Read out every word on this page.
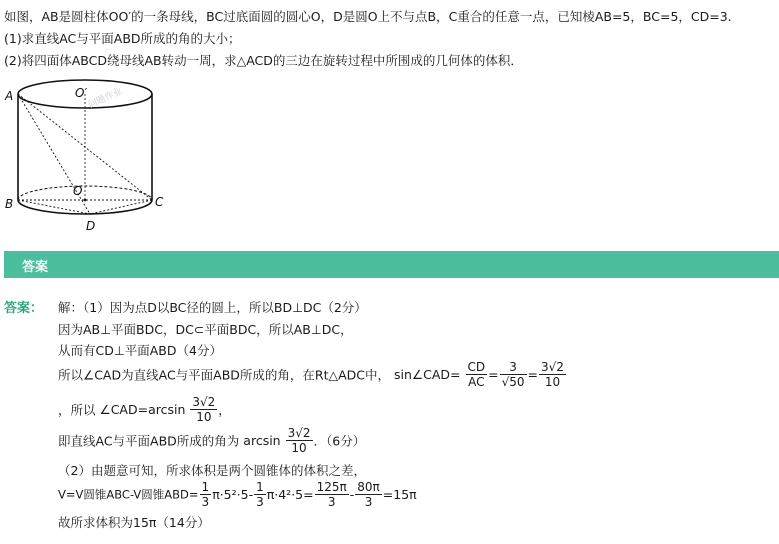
如图，AB是圆柱体OO′的一条母线，BC过底面圆的圆心O，D是圆O上不与点B，C重合的任意一点，已知棱AB=5，BC=5，CD=3.
(1)求直线AC与平面ABD所成的角的大小；
(2)将四面体ABCD绕母线AB转动一周，求△ACD的三边在旋转过程中所围成的几何体的体积．
A	O′
B
O
C
D
问题作业
答案
答案： 解：（1）因为点D以BC径的圆上，所以BD⊥DC（2分）
因为AB⊥平面BDC，DC⊂平面BDC，所以AB⊥DC，
从而有CD⊥平面ABD（4分）
所以∠CAD为直线AC与平面ABD所成的角，在Rt△ADC中， sin∠CAD= $\frac{CD}{AC} = \frac{3}{√50} = \frac{3√2}{10}$
，所以 ∠CAD=arcsin $\frac{3√2}{10}$ ，
即直线AC与平面ABD所成的角为 $\arcsin \frac{3√2}{10}$ ．（6分）
（2）由题意可知，所求体积是两个圆锥体的体积之差，
V=V圆锥ABC-V圆锥$ABD= \frac{1}{3} \pi\cdot 5^2\cdot 5- \frac{1}{3} \pi\cdot 4^2\cdot 5= \frac{125\pi}{3} - \frac{80\pi}{3} =15\pi$
故所求体积为15π（14分）
